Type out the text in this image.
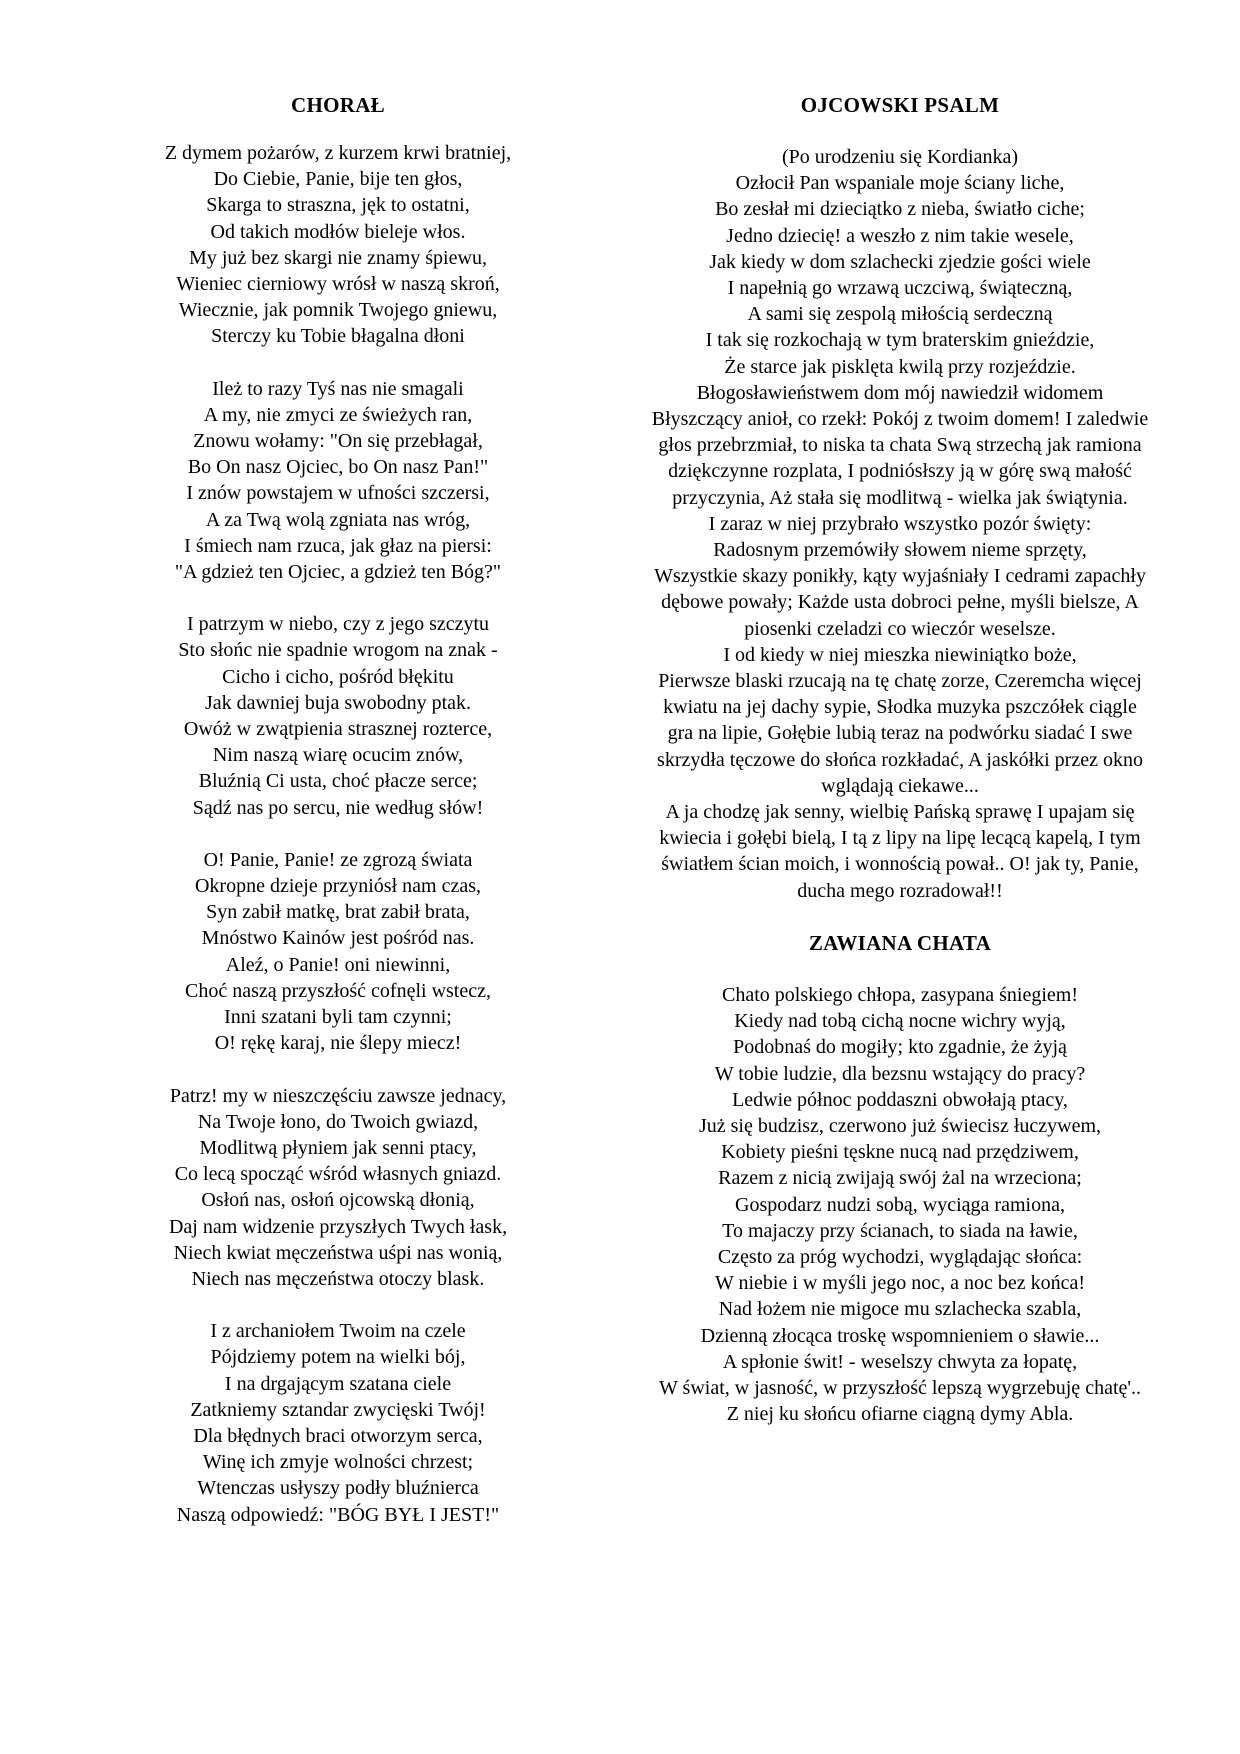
CHORAŁ
Z dymem pożarów, z kurzem krwi bratniej,
Do Ciebie, Panie, bije ten głos,
Skarga to straszna, jęk to ostatni,
Od takich modłów bieleje włos.
My już bez skargi nie znamy śpiewu,
Wieniec cierniowy wrósł w naszą skroń,
Wiecznie, jak pomnik Twojego gniewu,
Sterczy ku Tobie błagalna dłoni
Ileż to razy Tyś nas nie smagali
A my, nie zmyci ze świeżych ran,
Znowu wołamy: "On się przebłagał,
Bo On nasz Ojciec, bo On nasz Pan!"
I znów powstajem w ufności szczersi,
A za Twą wolą zgniata nas wróg,
I śmiech nam rzuca, jak głaz na piersi:
"A gdzież ten Ojciec, a gdzież ten Bóg?"
I patrzym w niebo, czy z jego szczytu
Sto słońc nie spadnie wrogom na znak -
Cicho i cicho, pośród błękitu
Jak dawniej buja swobodny ptak.
Owóż w zwątpienia strasznej rozterce,
Nim naszą wiarę ocucim znów,
Bluźnią Ci usta, choć płacze serce;
Sądź nas po sercu, nie według słów!
O! Panie, Panie! ze zgrozą świata
Okropne dzieje przyniósł nam czas,
Syn zabił matkę, brat zabił brata,
Mnóstwo Kainów jest pośród nas.
Aleź, o Panie! oni niewinni,
Choć naszą przyszłość cofnęli wstecz,
Inni szatani byli tam czynni;
O! rękę karaj, nie ślepy miecz!
Patrz! my w nieszczęściu zawsze jednacy,
Na Twoje łono, do Twoich gwiazd,
Modlitwą płyniem jak senni ptacy,
Co lecą spocząć wśród własnych gniazd.
Osłoń nas, osłoń ojcowską dłonią,
Daj nam widzenie przyszłych Twych łask,
Niech kwiat męczeństwa uśpi nas wonią,
Niech nas męczeństwa otoczy blask.
I z archaniołem Twoim na czele
Pójdziemy potem na wielki bój,
I na drgającym szatana ciele
Zatkniemy sztandar zwycięski Twój!
Dla błędnych braci otworzym serca,
Winę ich zmyje wolności chrzest;
Wtenczas usłyszy podły bluźnierca
Naszą odpowiedź: "BÓG BYŁ I JEST!"
OJCOWSKI PSALM
(Po urodzeniu się Kordianka)
Ozłocił Pan wspaniale moje ściany liche,
Bo zesłał mi dzieciątko z nieba, światło ciche;
Jedno dziecię! a weszło z nim takie wesele,
Jak kiedy w dom szlachecki zjedzie gości wiele
I napełnią go wrzawą uczciwą, świąteczną,
A sami się zespolą miłością serdeczną
I tak się rozkochają w tym braterskim gnieździe,
Że starce jak pisklęta kwilą przy rozjeździe.
Błogosławieństwem dom mój nawiedził widomem
Błyszczący anioł, co rzekł: Pokój z twoim domem! I zaledwie głos przebrzmiał, to niska ta chata Swą strzechą jak ramiona dziękczynne rozplata, I podniósłszy ją w górę swą małość przyczynia, Aż stała się modlitwą - wielka jak świątynia.
I zaraz w niej przybrało wszystko pozór święty:
Radosnym przemówiły słowem nieme sprzęty,
Wszystkie skazy ponikły, kąty wyjaśniały I cedrami zapachły dębowe powały; Każde usta dobroci pełne, myśli bielsze, A piosenki czeladzi co wieczór weselsze.
I od kiedy w niej mieszka niewiniątko boże,
Pierwsze blaski rzucają na tę chatę zorze, Czeremcha więcej kwiatu na jej dachy sypie, Słodka muzyka pszczółek ciągle gra na lipie, Gołębie lubią teraz na podwórku siadać I swe skrzydła tęczowe do słońca rozkładać, A jaskółki przez okno wglądają ciekawe...
A ja chodzę jak senny, wielbię Pańską sprawę I upajam się kwiecia i gołębi bielą, I tą z lipy na lipę lecącą kapelą, I tym światłem ścian moich, i wonnością pował.. O! jak ty, Panie, ducha mego rozradował!!
ZAWIANA CHATA
Chato polskiego chłopa, zasypana śniegiem!
Kiedy nad tobą cichą nocne wichry wyją,
Podobnaś do mogiły; kto zgadnie, że żyją
W tobie ludzie, dla bezsnu wstający do pracy?
Ledwie północ poddaszni obwołają ptacy,
Już się budzisz, czerwono już świecisz łuczywem,
Kobiety pieśni tęskne nucą nad przędziwem,
Razem z nicią zwijają swój żal na wrzeciona;
Gospodarz nudzi sobą, wyciąga ramiona,
To majaczy przy ścianach, to siada na ławie,
Często za próg wychodzi, wyglądając słońca:
W niebie i w myśli jego noc, a noc bez końca!
Nad łożem nie migoce mu szlachecka szabla,
Dzienną złocąca troskę wspomnieniem o sławie...
A spłonie świt! - weselszy chwyta za łopatę,
W świat, w jasność, w przyszłość lepszą wygrzebuję chatę'..
Z niej ku słońcu ofiarne ciągną dymy Abla.
